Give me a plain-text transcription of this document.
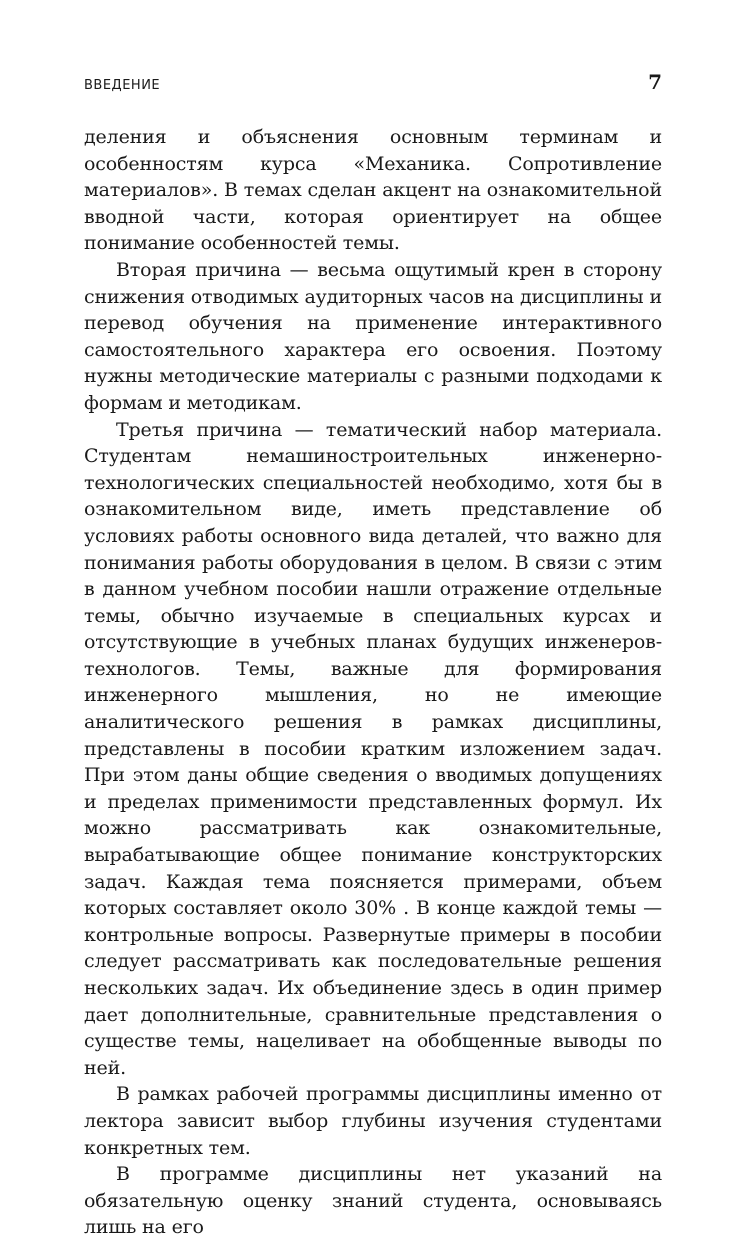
ВВЕДЕНИЕ	7

деления и объяснения основным терминам и особенностям курса «Механика. Сопротивление материалов». В темах сделан акцент на ознакомительной вводной части, которая ориентирует на общее понимание особенностей темы.

Вторая причина — весьма ощутимый крен в сторону снижения отводимых аудиторных часов на дисциплины и перевод обучения на применение интерактивного самостоятельного характера его освоения. Поэтому нужны методические материалы с разными подходами к формам и методикам.

Третья причина — тематический набор материала. Студентам немашиностроительных инженерно-технологических специальностей необходимо, хотя бы в ознакомительном виде, иметь представление об условиях работы основного вида деталей, что важно для понимания работы оборудования в целом. В связи с этим в данном учебном пособии нашли отражение отдельные темы, обычно изучаемые в специальных курсах и отсутствующие в учебных планах будущих инженеров-технологов. Темы, важные для формирования инженерного мышления, но не имеющие аналитического решения в рамках дисциплины, представлены в пособии кратким изложением задач. При этом даны общие сведения о вводимых допущениях и пределах применимости представленных формул. Их можно рассматривать как ознакомительные, вырабатывающие общее понимание конструкторских задач. Каждая тема поясняется примерами, объем которых составляет около 30% . В конце каждой темы — контрольные вопросы. Развернутые примеры в пособии следует рассматривать как последовательные решения нескольких задач. Их объединение здесь в один пример дает дополнительные, сравнительные представления о существе темы, нацеливает на обобщенные выводы по ней.

В рамках рабочей программы дисциплины именно от лектора зависит выбор глубины изучения студентами конкретных тем.

В программе дисциплины нет указаний на обязательную оценку знаний студента, основываясь лишь на его
